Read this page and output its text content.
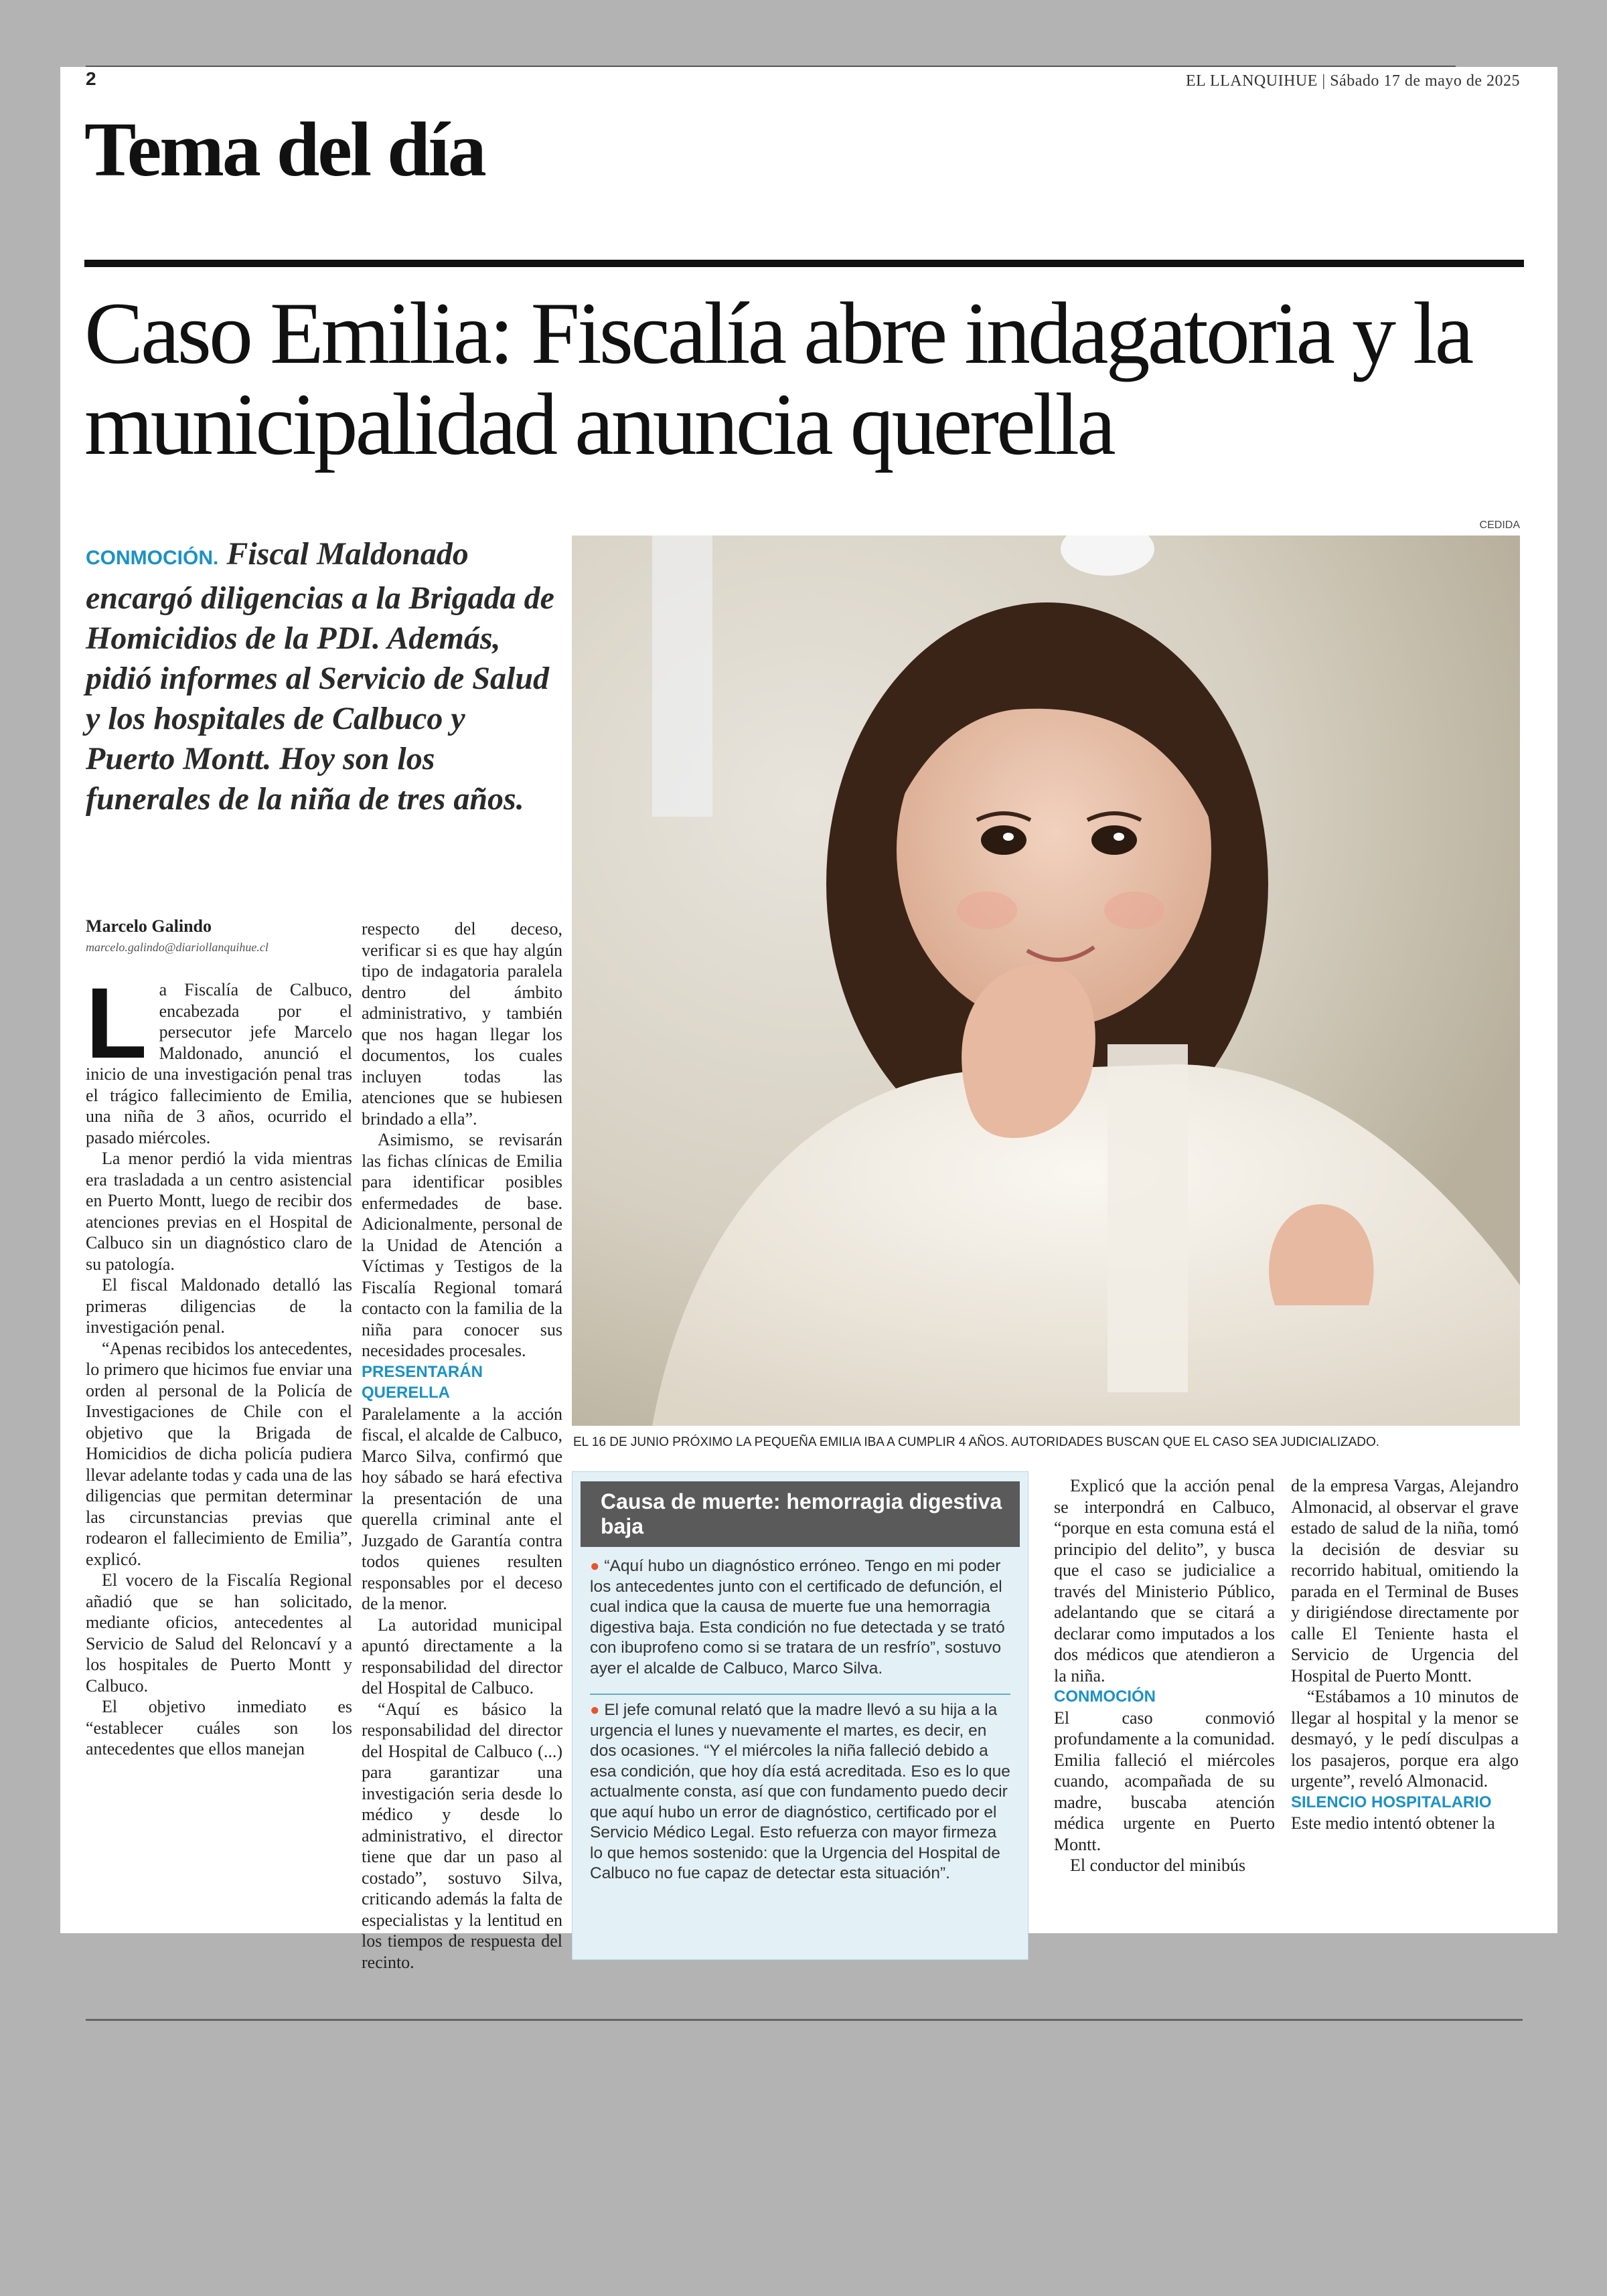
2	EL LLANQUIHUE | Sábado 17 de mayo de 2025
Tema del día
Caso Emilia: Fiscalía abre indagatoria y la municipalidad anuncia querella
CEDIDA
CONMOCIÓN. Fiscal Maldonado encargó diligencias a la Brigada de Homicidios de la PDI. Además, pidió informes al Servicio de Salud y los hospitales de Calbuco y Puerto Montt. Hoy son los funerales de la niña de tres años.
EL 16 DE JUNIO PRÓXIMO LA PEQUEÑA EMILIA IBA A CUMPLIR 4 AÑOS. AUTORIDADES BUSCAN QUE EL CASO SEA JUDICIALIZADO.
Marcelo Galindo
marcelo.galindo@diariollanquihue.cl

La Fiscalía de Calbuco, encabezada por el persecutor jefe Marcelo Maldonado, anunció el inicio de una investigación penal tras el trágico fallecimiento de Emilia, una niña de 3 años, ocurrido el pasado miércoles.

La menor perdió la vida mientras era trasladada a un centro asistencial en Puerto Montt, luego de recibir dos atenciones previas en el Hospital de Calbuco sin un diagnóstico claro de su patología.

El fiscal Maldonado detalló las primeras diligencias de la investigación penal.

“Apenas recibidos los antecedentes, lo primero que hicimos fue enviar una orden al personal de la Policía de Investigaciones de Chile con el objetivo que la Brigada de Homicidios de dicha policía pudiera llevar adelante todas y cada una de las diligencias que permitan determinar las circunstancias previas que rodearon el fallecimiento de Emilia”, explicó.

El vocero de la Fiscalía Regional añadió que se han solicitado, mediante oficios, antecedentes al Servicio de Salud del Reloncaví y a los hospitales de Puerto Montt y Calbuco.

El objetivo inmediato es “establecer cuáles son los antecedentes que ellos manejan

respecto del deceso, verificar si es que hay algún tipo de indagatoria paralela dentro del ámbito administrativo, y también que nos hagan llegar los documentos, los cuales incluyen todas las atenciones que se hubiesen brindado a ella”.

Asimismo, se revisarán las fichas clínicas de Emilia para identificar posibles enfermedades de base. Adicionalmente, personal de la Unidad de Atención a Víctimas y Testigos de la Fiscalía Regional tomará contacto con la familia de la niña para conocer sus necesidades procesales.

PRESENTARÁN QUERELLA

Paralelamente a la acción fiscal, el alcalde de Calbuco, Marco Silva, confirmó que hoy sábado se hará efectiva la presentación de una querella criminal ante el Juzgado de Garantía contra todos quienes resulten responsables por el deceso de la menor.

La autoridad municipal apuntó directamente a la responsabilidad del director del Hospital de Calbuco.

“Aquí es básico la responsabilidad del director del Hospital de Calbuco (...) para garantizar una investigación seria desde lo médico y desde lo administrativo, el director tiene que dar un paso al costado”, sostuvo Silva, criticando además la falta de especialistas y la lentitud en los tiempos de respuesta del recinto.

Causa de muerte: hemorragia digestiva baja

● “Aquí hubo un diagnóstico erróneo. Tengo en mi poder los antecedentes junto con el certificado de defunción, el cual indica que la causa de muerte fue una hemorragia digestiva baja. Esta condición no fue detectada y se trató con ibuprofeno como si se tratara de un resfrío”, sostuvo ayer el alcalde de Calbuco, Marco Silva.

● El jefe comunal relató que la madre llevó a su hija a la urgencia el lunes y nuevamente el martes, es decir, en dos ocasiones. “Y el miércoles la niña falleció debido a esa condición, que hoy día está acreditada. Eso es lo que actualmente consta, así que con fundamento puedo decir que aquí hubo un error de diagnóstico, certificado por el Servicio Médico Legal. Esto refuerza con mayor firmeza lo que hemos sostenido: que la Urgencia del Hospital de Calbuco no fue capaz de detectar esta situación”.

Explicó que la acción penal se interpondrá en Calbuco, “porque en esta comuna está el principio del delito”, y busca que el caso se judicialice a través del Ministerio Público, adelantando que se citará a declarar como imputados a los dos médicos que atendieron a la niña.

CONMOCIÓN

El caso conmovió profundamente a la comunidad. Emilia falleció el miércoles cuando, acompañada de su madre, buscaba atención médica urgente en Puerto Montt.

El conductor del minibús

de la empresa Vargas, Alejandro Almonacid, al observar el grave estado de salud de la niña, tomó la decisión de desviar su recorrido habitual, omitiendo la parada en el Terminal de Buses y dirigiéndose directamente por calle El Teniente hasta el Servicio de Urgencia del Hospital de Puerto Montt.

“Estábamos a 10 minutos de llegar al hospital y la menor se desmayó, y le pedí disculpas a los pasajeros, porque era algo urgente”, reveló Almonacid.

SILENCIO HOSPITALARIO

Este medio intentó obtener la
